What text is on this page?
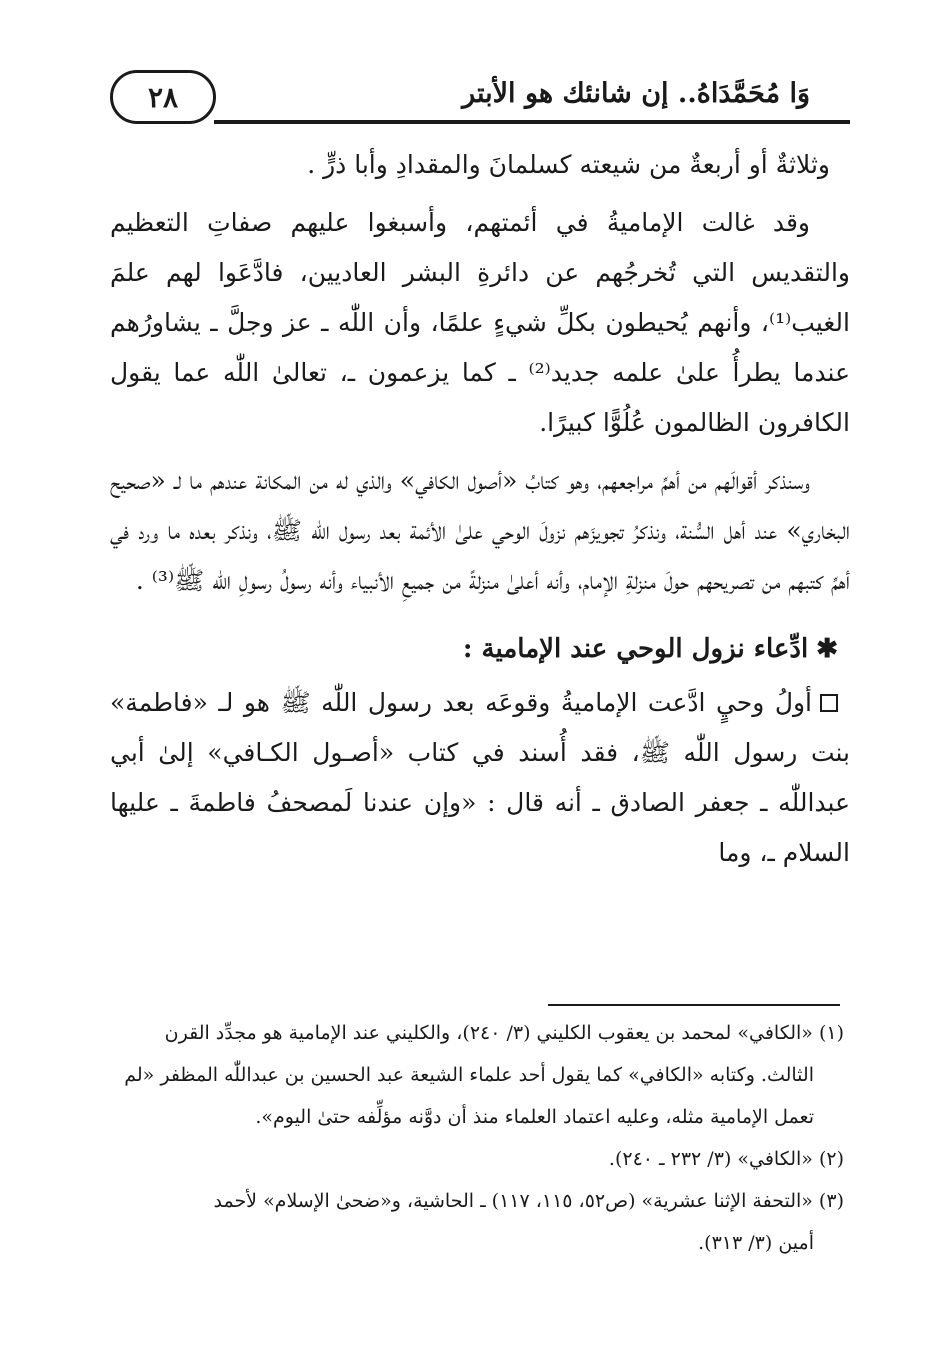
وَا مُحَمَّدَاهُ.. إن شانئك هو الأبتر
٢٨

وثلاثةٌ أو أربعةٌ من شيعته كسلمانَ والمقدادِ وأبا ذرٍّ .

وقد غالت الإماميةُ في أئمتهم، وأسبغوا عليهم صفاتِ التعظيم والتقديس التي تُخرجُهم عن دائرةِ البشر العاديين، فادَّعَوا لهم علمَ الغيب⁽¹⁾، وأنهم يُحيطون بكلِّ شيءٍ علمًا، وأن اللّٰه ـ عز وجلَّ ـ يشاورُهم عندما يطرأُ علىٰ علمه جديد⁽²⁾ ـ كما يزعمون ـ، تعالىٰ اللّٰه عما يقول الكافرون الظالمون عُلُوًّا كبيرًا.

وسنذكر أقوالَهم من أهمِّ مراجعهم، وهو كتابُ «أصول الكافي» والذي له من المكانة عندهم ما لـ «صحيح البخاري» عند أهل السُّنة، ونذكرُ تجويزَهم نزولَ الوحي علىٰ الأئمة بعد رسول اللّٰه ﷺ، ونذكر بعده ما ورد في أهمِّ كتبهم من تصريحهم حولَ منزلةِ الإمام، وأنه أعلىٰ منزلةً من جميعِ الأنبياء وأنه رسولُ رسولِ اللّٰه ﷺ⁽³⁾ .

✱ادِّعاء نزول الوحي عند الإمامية :

أولُ وحيٍ ادَّعت الإماميةُ وقوعَه بعد رسول اللّٰه ﷺ هو لـ «فاطمة» بنت رسول اللّٰه ﷺ، فقد أُسند في كتاب «أصـول الكـافي» إلىٰ أبي عبداللّٰه ـ جعفر الصادق ـ أنه قال : «وإن عندنا لَمصحفُ فاطمةَ ـ عليها السلام ـ، وما

(١) «الكافي» لمحمد بن يعقوب الكليني (٣/ ٢٤٠)، والكليني عند الإمامية هو مجدِّد القرن
الثالث. وكتابه «الكافي» كما يقول أحد علماء الشيعة عبد الحسين بن عبداللّٰه المظفر «لم
تعمل الإمامية مثله، وعليه اعتماد العلماء منذ أن دوَّنه مؤلِّفه حتىٰ اليوم».

(٢) «الكافي» (٣/ ٢٣٢ ـ ٢٤٠).

(٣) «التحفة الإثنا عشرية» (ص٥٢، ١١٥، ١١٧) ـ الحاشية، و«ضحىٰ الإسلام» لأحمد
أمين (٣/ ٣١٣).
